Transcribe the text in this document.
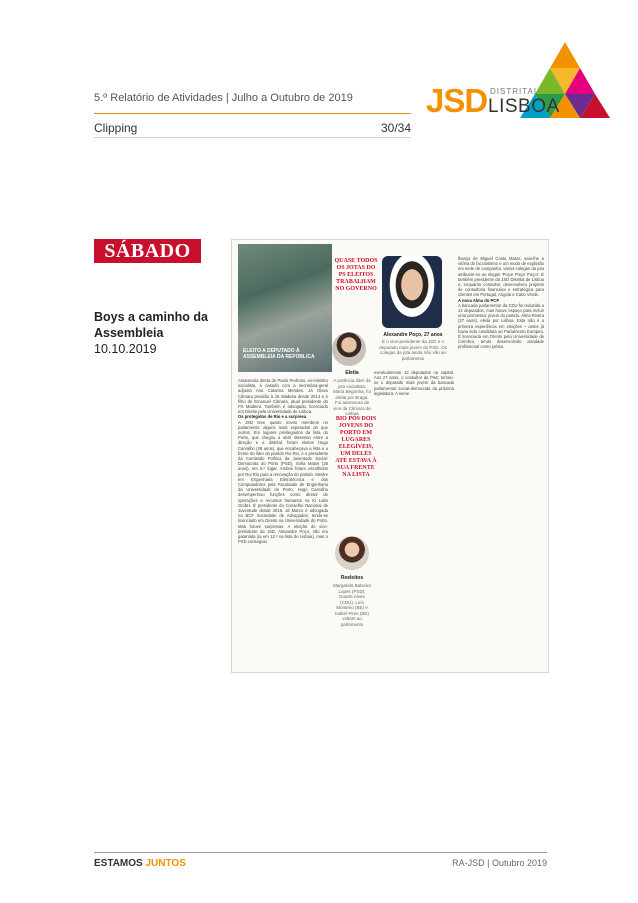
5.º Relatório de Atividades | Julho a Outubro de 2019
Clipping	30/34
JSD DISTRITAL
LISBOA
SÁBADO
Boys a caminho da Assembleia
10.10.2019	ELEITO A DEPUTADO À ASSEMBLEIA DA REPÚBLICA
QUASE TODOS OS JOTAS DO PS ELEITOS TRABALHAM NO GOVERNO
Eleita
A potência líder da jota socialista, Maria Begonha, foi eleita por Braga. Foi assessora de vice da Câmara de Lisboa
BIO PÓS DOIS JOVENS DO PORTO EM LUGARES ELEGÍVEIS, UM DELES ATÉ ESTAVA À SUA FRENTE NA LISTA
Reeleitos
Margarida Balseiro Lopes (PSD), Duarte Alves (CDU), Luís Monteiro (BE) e Isabel Pires (BE) voltam ao parlamento
Alexandre Poço, 27 anos
É o vice-presidente da JSD e o deputado mais jovem do PSD. Os colegas da jota ainda não vão ao parlamento
Assessoria direta de Paulo Pedroso, ex-ministro socialista, é casado com a secretária-geral adjunta Ana Catarina Mendes. Já Olavo Câmara presidiu à JS Madeira desde 2014 e é filho de Emanuel Câmara, atual presidente do PS Madeira. Também é advogado, licenciado em Direito pela Universidade de Lisboa.
Os protegidos de Rio e a surpresa
A JSD teve quatro novos membros no parlamento, alguns mais esperados do que outros. Em lugares privilegiados da lista do Porto, que chegou a abrir dissenso entre a direção e a distrital, foram eleitos Hugo Carvalho (28 anos), que encabeçava a lista e a frente do líder do partido Rui Rio, e o presidente da Comissão Política da Juventude Social-Democrata do Porto (PSD), Sofia Matos (28 anos), em 6.º lugar. Ambos foram escolhidos por Rui Rio para a renovação do partido. Mestre em Engenharia Eletrotécnica e dos Computadores pela Faculdade de Engenharia da Universidade do Porto, Hugo Carvalho desempenhou funções como diretor de operações e recursos humanos na Ki Labs GmbH. É presidente do Conselho Nacional de Juventude desde 2016. Já Marco é advogada na BCF Sociedade de Advogados, tendo-se licenciado em Direito na Universidade do Porto. Mas houve surpresas. A eleição do vice-presidente da JSD, Alexandre Poço, não era garantida (ia em 12.º na lista de Lisboa), mas o PSD conseguiu
eventualmente 12 deputados na capital. Aos 27 anos, o consultor da PwC tornou-se o deputado mais jovem da bancada parlamentar social-democrata da próxima legislatura. A seme
lhança de Miguel Costa Matos, saiu-lhe a vitória do facciosismo e um modo de explosão em sede de campanha, vários colegas da jota atribuem-no ao slogan 'Poço! Poço! Poço!'. É também presidente da JSD Distrital de Lisboa e, enquanto consultor, desenvolveu projetos de consultoria financeira e estratégica para clientes em Portugal, Angola e Cabo Verde.
A nova Alma do PCP
A bancada parlamentar da CDU foi reduzida a 12 deputados, mas houve espaço para incluir uma promessa: jovem do partido. Alma Rivera (27 anos), eleita por Lisboa. Esta não é a primeira experiência em eleições – antes já havia sido candidata ao Parlamento Europeu. É licenciada em Direito pela Universidade de Coimbra, tendo desenvolvido atividade profissional como jurista.
ESTAMOS JUNTOS	RA-JSD | Outubro 2019
